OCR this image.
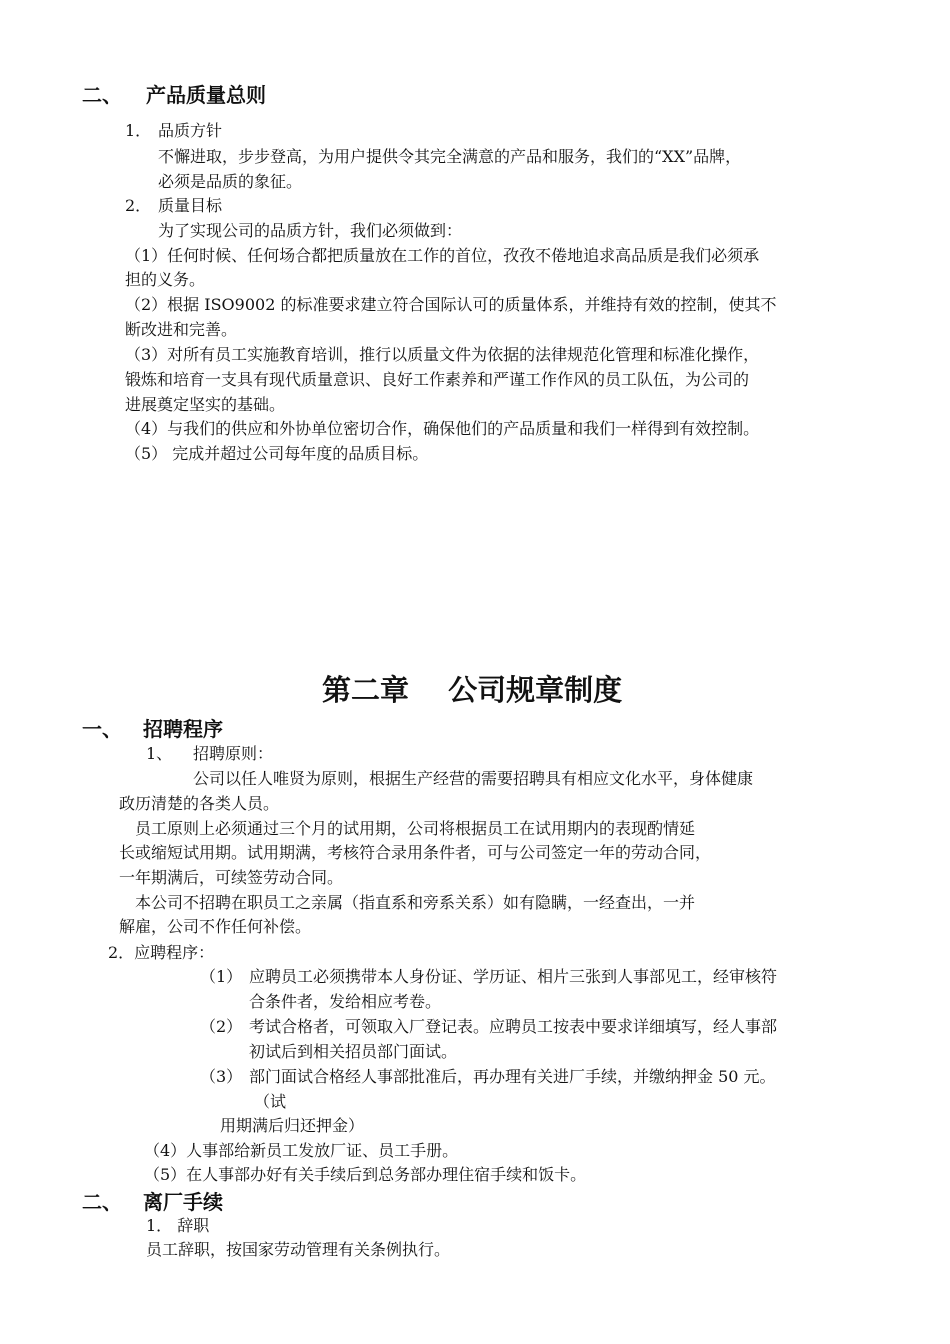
二、 产品质量总则
1． 品质方针
不懈进取，步步登高，为用户提供令其完全满意的产品和服务，我们的“XX”品牌，
必须是品质的象征。
2． 质量目标
为了实现公司的品质方针，我们必须做到：
（1）任何时候、任何场合都把质量放在工作的首位，孜孜不倦地追求高品质是我们必须承
担的义务。
（2）根据 ISO9002 的标准要求建立符合国际认可的质量体系，并维持有效的控制，使其不
断改进和完善。
（3）对所有员工实施教育培训，推行以质量文件为依据的法律规范化管理和标准化操作，
锻炼和培育一支具有现代质量意识、良好工作素养和严谨工作作风的员工队伍，为公司的
进展奠定坚实的基础。
（4）与我们的供应和外协单位密切合作，确保他们的产品质量和我们一样得到有效控制。
（5） 完成并超过公司每年度的品质目标。
第二章　 公司规章制度
一、 招聘程序
1、 招聘原则：
公司以任人唯贤为原则，根据生产经营的需要招聘具有相应文化水平，身体健康
政历清楚的各类人员。
员工原则上必须通过三个月的试用期，公司将根据员工在试用期内的表现酌情延
长或缩短试用期。试用期满，考核符合录用条件者，可与公司签定一年的劳动合同，
一年期满后，可续签劳动合同。
本公司不招聘在职员工之亲属（指直系和旁系关系）如有隐瞒，一经查出，一并
解雇，公司不作任何补偿。
2．应聘程序：
（1） 应聘员工必须携带本人身份证、学历证、相片三张到人事部见工，经审核符
合条件者，发给相应考卷。
（2） 考试合格者，可领取入厂登记表。应聘员工按表中要求详细填写，经人事部
初试后到相关招员部门面试。
（3） 部门面试合格经人事部批准后，再办理有关进厂手续，并缴纳押金 50 元。
（试
用期满后归还押金）
（4）人事部给新员工发放厂证、员工手册。
（5）在人事部办好有关手续后到总务部办理住宿手续和饭卡。
二、 离厂手续
1． 辞职
员工辞职，按国家劳动管理有关条例执行。
